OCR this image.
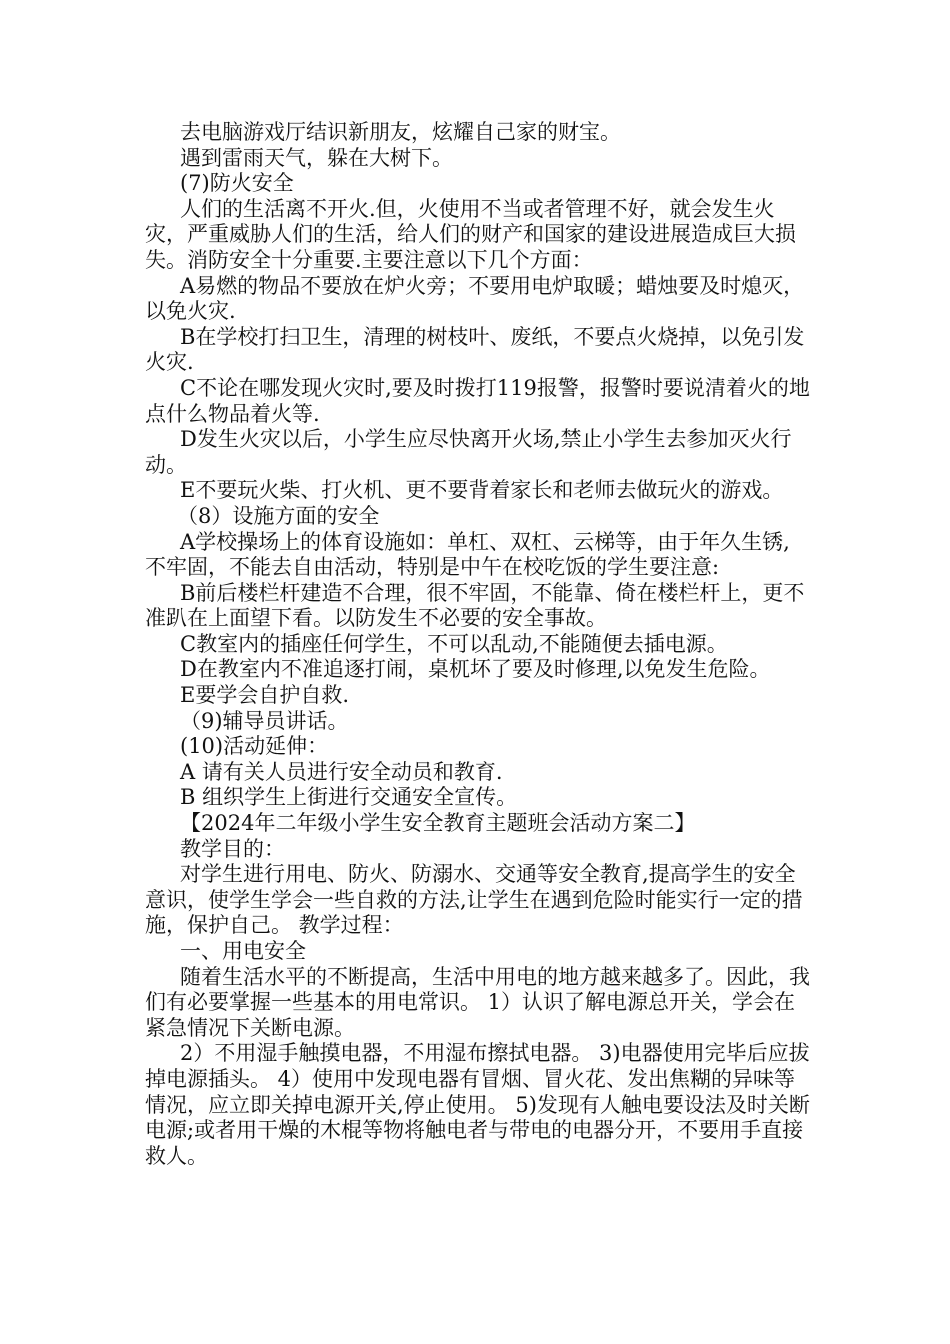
去电脑游戏厅结识新朋友，炫耀自己家的财宝。

遇到雷雨天气，躲在大树下。

(7)防火安全

人们的生活离不开火.但，火使用不当或者管理不好，就会发生火灾，严重威胁人们的生活，给人们的财产和国家的建设进展造成巨大损失。消防安全十分重要.主要注意以下几个方面：

A易燃的物品不要放在炉火旁；不要用电炉取暖；蜡烛要及时熄灭，以免火灾.

B在学校打扫卫生，清理的树枝叶、废纸，不要点火烧掉，以免引发火灾.

C不论在哪发现火灾时,要及时拨打119报警，报警时要说清着火的地点什么物品着火等.

D发生火灾以后，小学生应尽快离开火场,禁止小学生去参加灭火行动。

E不要玩火柴、打火机、更不要背着家长和老师去做玩火的游戏。

（8）设施方面的安全

A学校操场上的体育设施如：单杠、双杠、云梯等，由于年久生锈,不牢固，不能去自由活动，特别是中午在校吃饭的学生要注意:

B前后楼栏杆建造不合理，很不牢固，不能靠、倚在楼栏杆上，更不准趴在上面望下看。以防发生不必要的安全事故。

C教室内的插座任何学生，不可以乱动,不能随便去插电源。

D在教室内不准追逐打闹，桌杌坏了要及时修理,以免发生危险。

E要学会自护自救.

（9)辅导员讲话。

(10)活动延伸：

A 请有关人员进行安全动员和教育.

B 组织学生上街进行交通安全宣传。

【2024年二年级小学生安全教育主题班会活动方案二】

教学目的：

对学生进行用电、防火、防溺水、交通等安全教育,提高学生的安全意识，使学生学会一些自救的方法,让学生在遇到危险时能实行一定的措施，保护自己。 教学过程：

一、用电安全

随着生活水平的不断提高，生活中用电的地方越来越多了。因此，我们有必要掌握一些基本的用电常识。 1）认识了解电源总开关，学会在紧急情况下关断电源。

2）不用湿手触摸电器，不用湿布擦拭电器。 3)电器使用完毕后应拔掉电源插头。 4）使用中发现电器有冒烟、冒火花、发出焦糊的异味等情况，应立即关掉电源开关,停止使用。 5)发现有人触电要设法及时关断电源;或者用干燥的木棍等物将触电者与带电的电器分开，不要用手直接救人。
